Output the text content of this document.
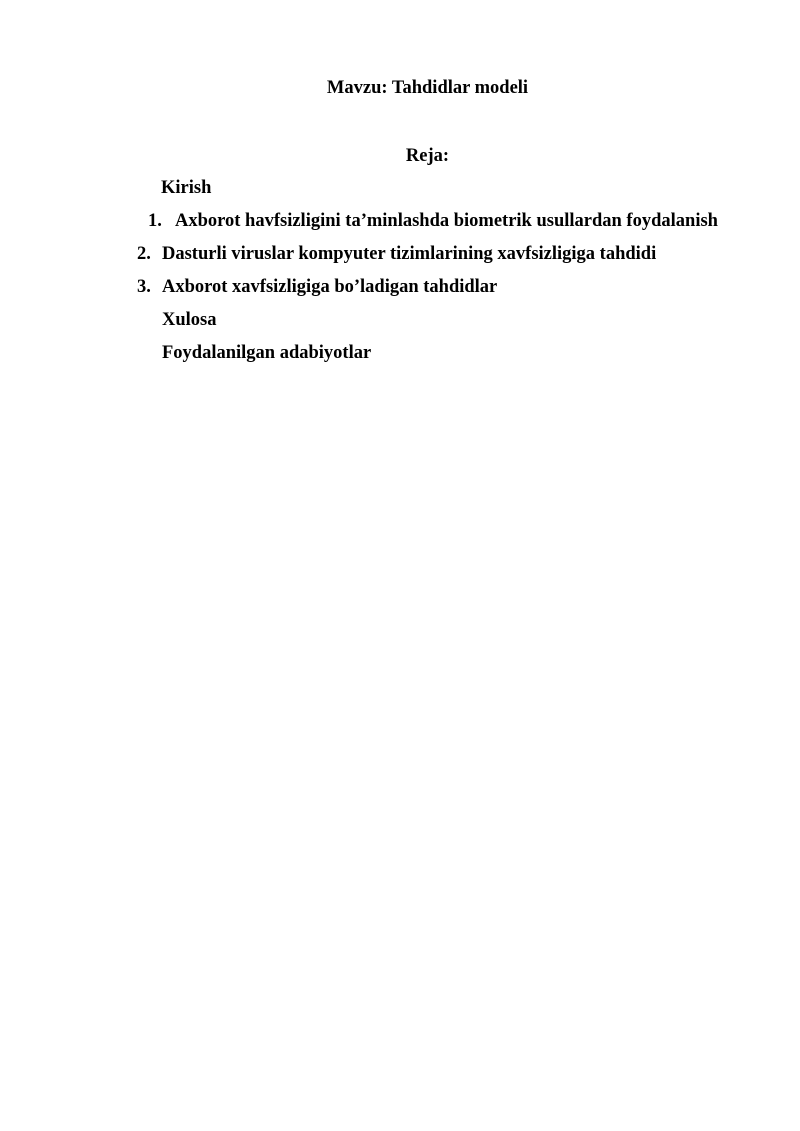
Mavzu: Tahdidlar modeli
Reja:
Kirish
1. Axborot havfsizligini ta’minlashda biometrik usullardan foydalanish
2. Dasturli viruslar kompyuter tizimlarining xavfsizligiga tahdidi
3. Axborot xavfsizligiga bo’ladigan tahdidlar
Xulosa
Foydalanilgan adabiyotlar
